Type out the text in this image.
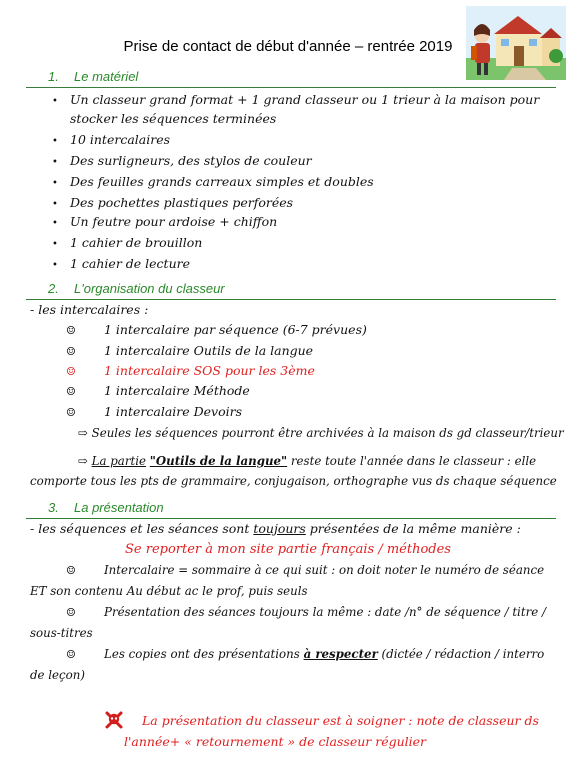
Prise de contact de début d'année – rentrée 2019
1. Le matériel
• Un classeur grand format + 1 grand classeur ou 1 trieur à la maison pour
stocker les séquences terminées
• 10 intercalaires
• Des surligneurs, des stylos de couleur
• Des feuilles grands carreaux simples et doubles
• Des pochettes plastiques perforées
• Un feutre pour ardoise + chiffon
• 1 cahier de brouillon
• 1 cahier de lecture
2. L'organisation du classeur
- les intercalaires :
☺ 1 intercalaire par séquence (6-7 prévues)
☺ 1 intercalaire Outils de la langue
☺ 1 intercalaire SOS pour les 3ème
☺ 1 intercalaire Méthode
☺ 1 intercalaire Devoirs
⇨ Seules les séquences pourront être archivées à la maison ds gd classeur/trieur
⇨ La partie "Outils de la langue" reste toute l'année dans le classeur : elle
comporte tous les pts de grammaire, conjugaison, orthographe vus ds chaque séquence
3. La présentation
- les séquences et les séances sont toujours présentées de la même manière :
Se reporter à mon site partie français / méthodes
☺ Intercalaire = sommaire à ce qui suit : on doit noter le numéro de séance
ET son contenu Au début ac le prof, puis seuls
☺ Présentation des séances toujours la même : date /n° de séquence / titre /
sous-titres
☺ Les copies ont des présentations à respecter (dictée / rédaction / interro
de leçon)
La présentation du classeur est à soigner : note de classeur ds
l'année+ « retournement » de classeur régulier
